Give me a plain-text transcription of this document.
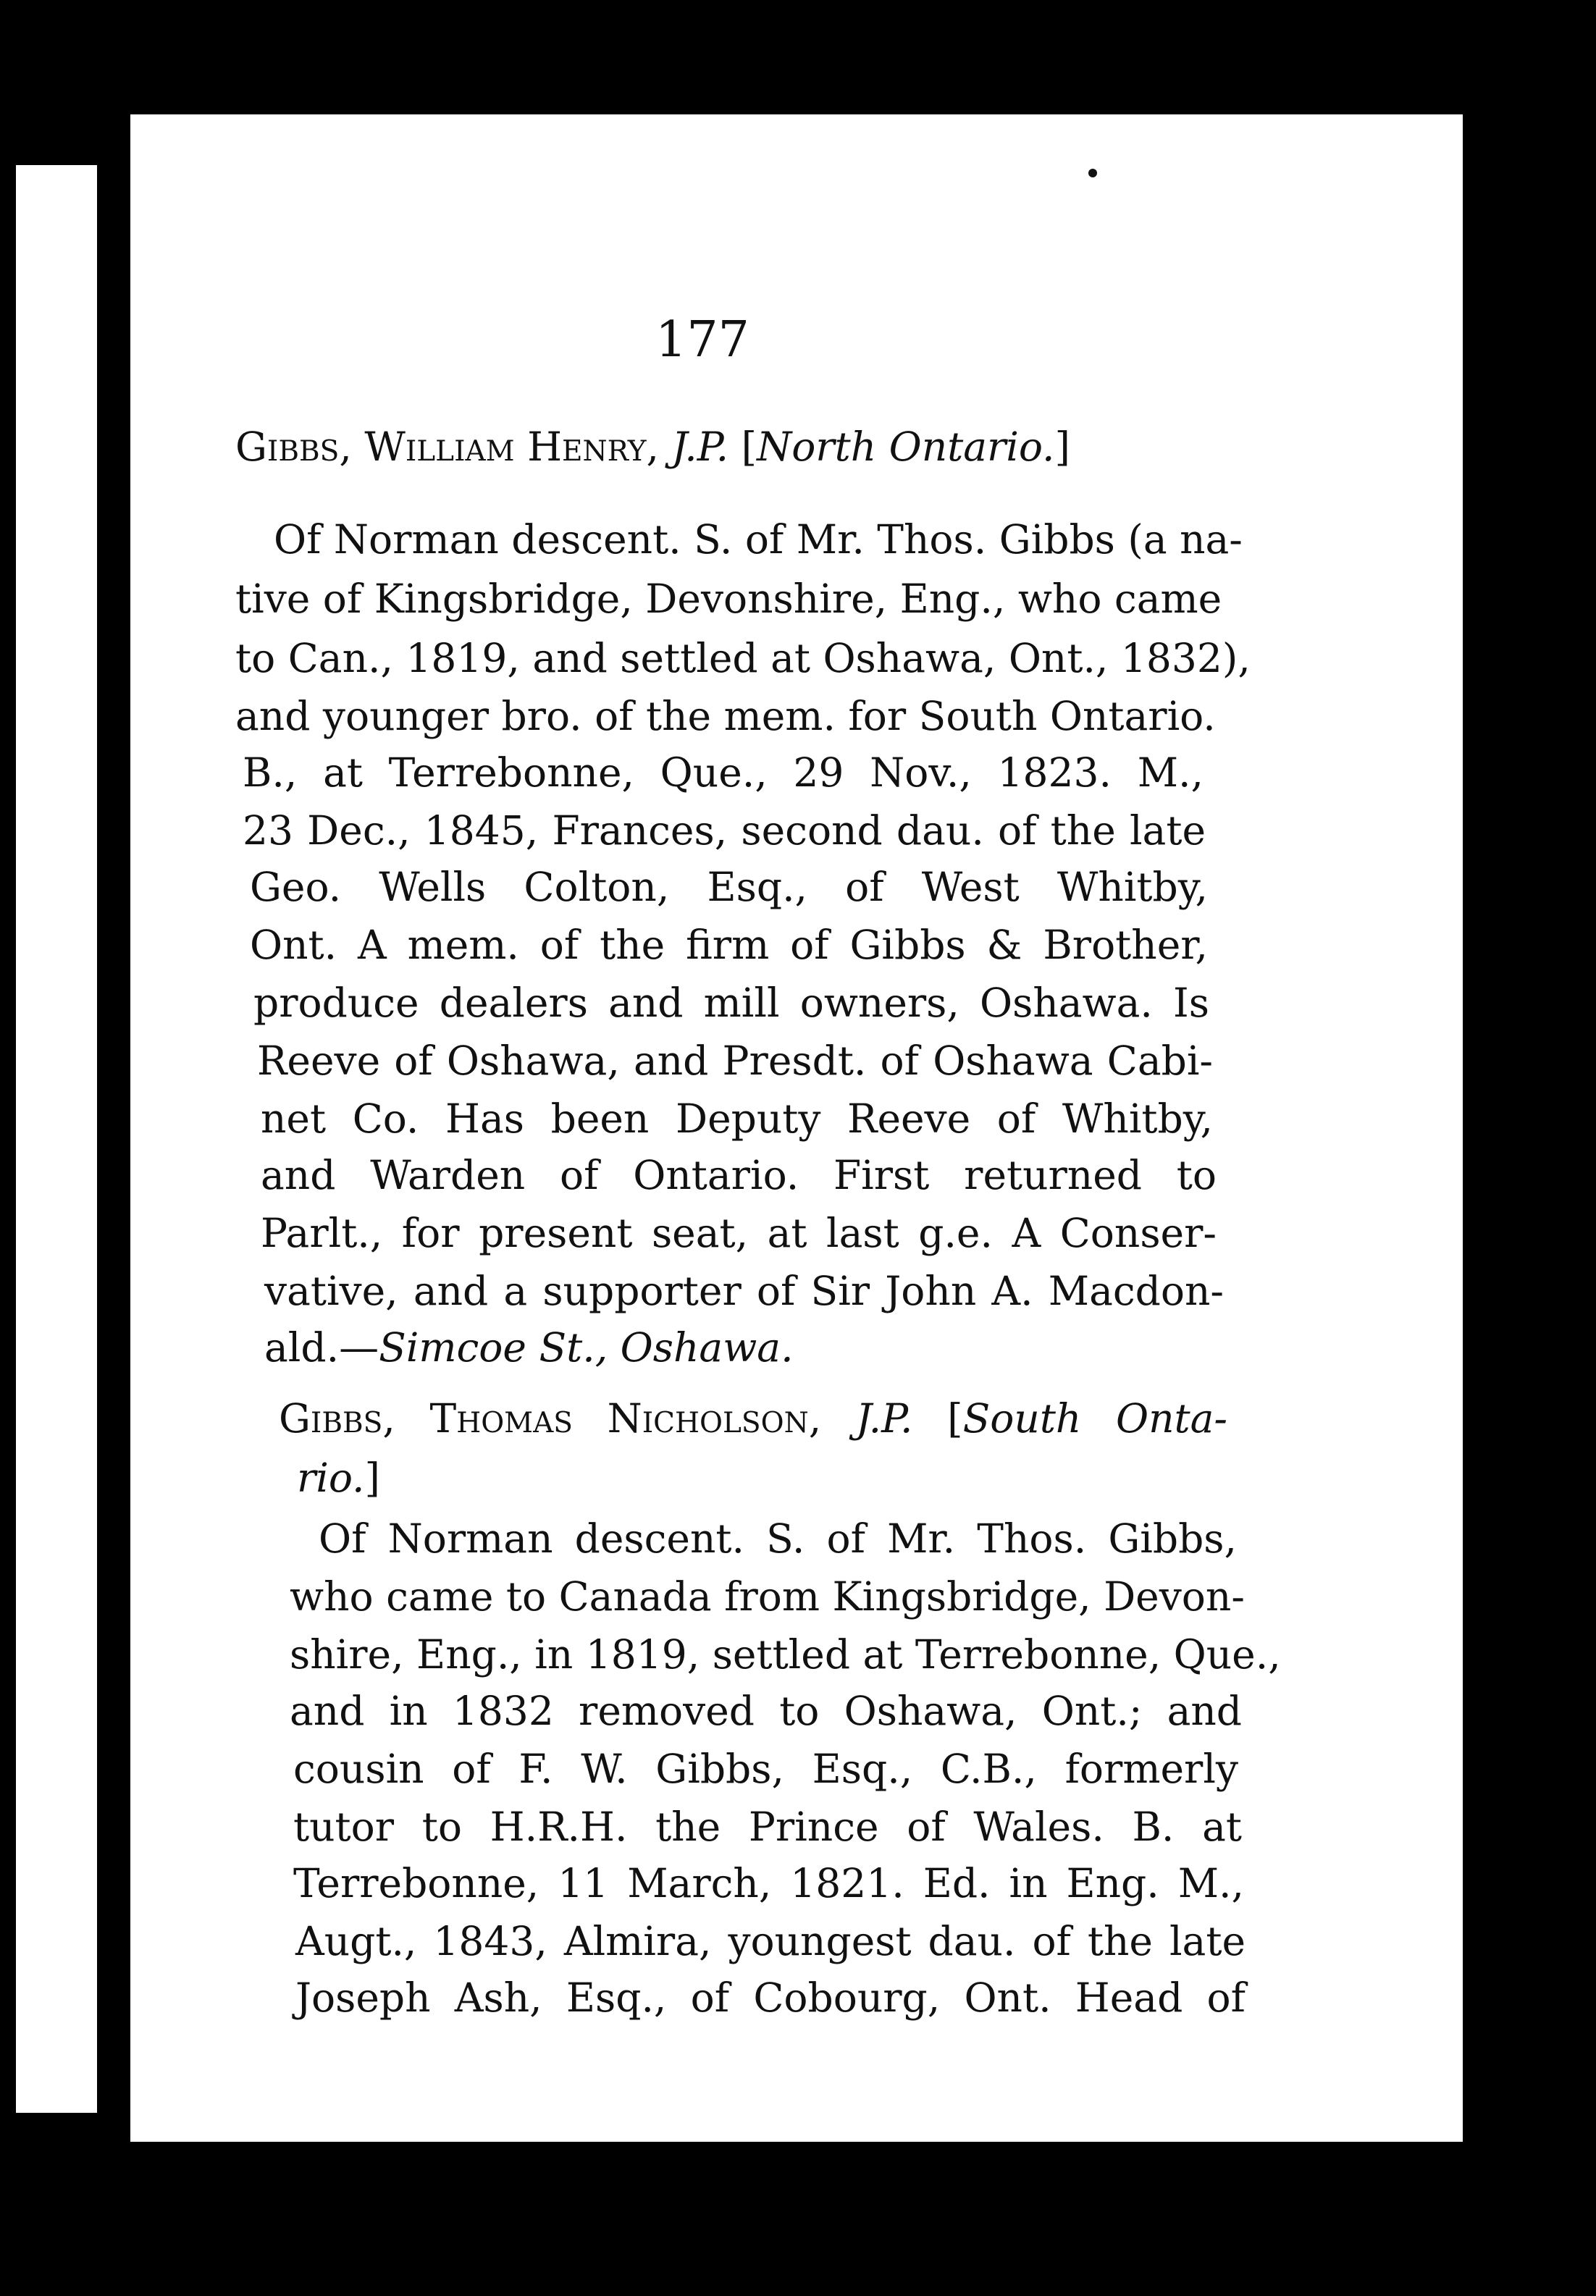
177
Gibbs, William Henry, J.P. [North Ontario.]
Of Norman descent. S. of Mr. Thos. Gibbs (a na-
tive of Kingsbridge, Devonshire, Eng., who came
to Can., 1819, and settled at Oshawa, Ont., 1832),
and younger bro. of the mem. for South Ontario.
B., at Terrebonne, Que., 29 Nov., 1823. M.,
23 Dec., 1845, Frances, second dau. of the late
Geo. Wells Colton, Esq., of West Whitby,
Ont. A mem. of the firm of Gibbs & Brother,
produce dealers and mill owners, Oshawa. Is
Reeve of Oshawa, and Presdt. of Oshawa Cabi-
net Co. Has been Deputy Reeve of Whitby,
and Warden of Ontario. First returned to
Parlt., for present seat, at last g.e. A Conser-
vative, and a supporter of Sir John A. Macdon-
ald.—Simcoe St., Oshawa.
Gibbs, Thomas Nicholson, J.P. [South Onta-
rio.]
Of Norman descent. S. of Mr. Thos. Gibbs,
who came to Canada from Kingsbridge, Devon-
shire, Eng., in 1819, settled at Terrebonne, Que.,
and in 1832 removed to Oshawa, Ont.; and
cousin of F. W. Gibbs, Esq., C.B., formerly
tutor to H.R.H. the Prince of Wales. B. at
Terrebonne, 11 March, 1821. Ed. in Eng. M.,
Augt., 1843, Almira, youngest dau. of the late
Joseph Ash, Esq., of Cobourg, Ont. Head of
